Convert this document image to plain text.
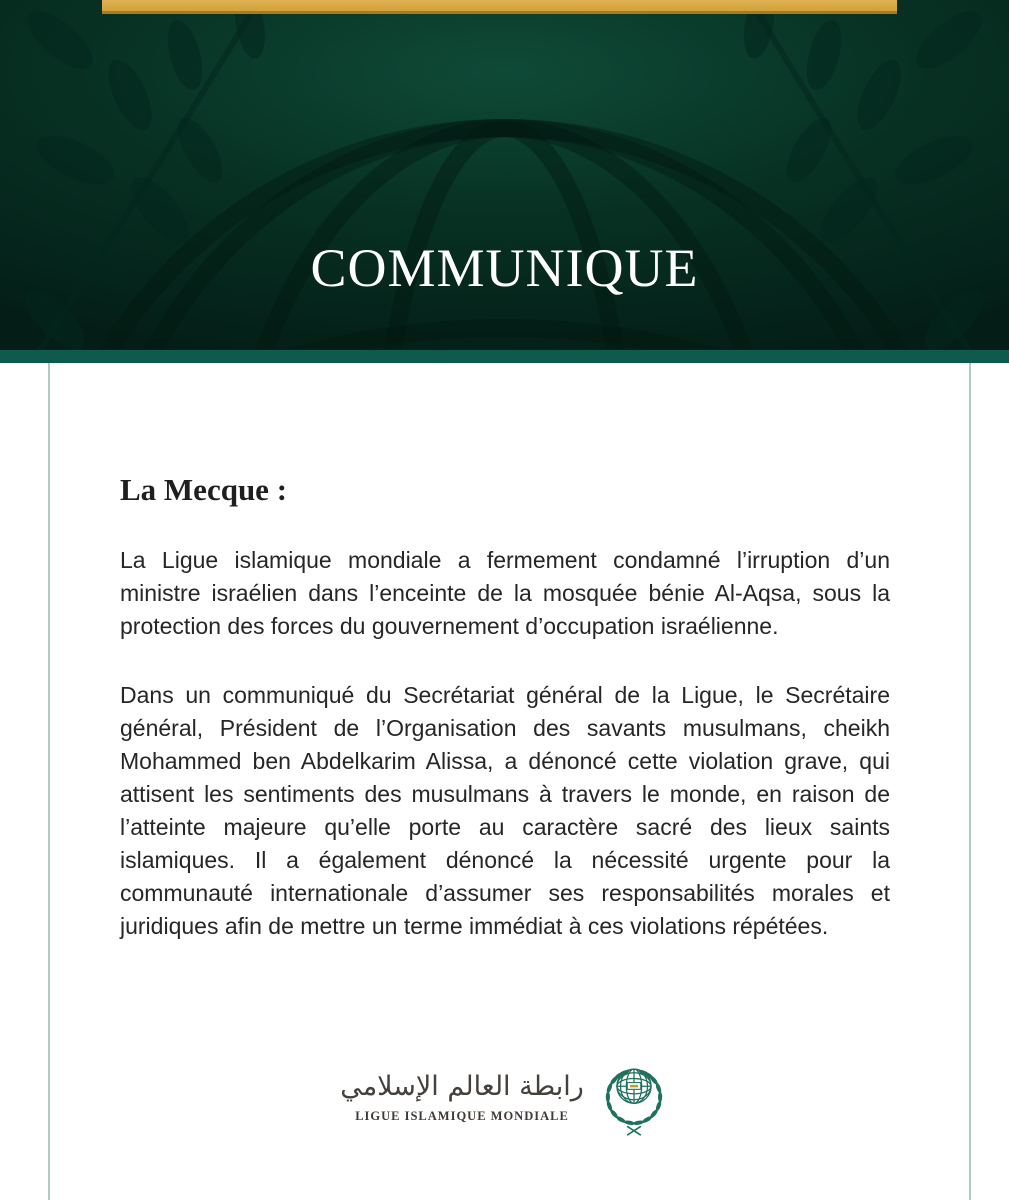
COMMUNIQUE
La Mecque :

La Ligue islamique mondiale a fermement condamné l’irruption d’un ministre israélien dans l’enceinte de la mosquée bénie Al-Aqsa, sous la protection des forces du gouvernement d’occupation israélienne.

Dans un communiqué du Secrétariat général de la Ligue, le Secrétaire général, Président de l’Organisation des savants musulmans, cheikh Mohammed ben Abdelkarim Alissa, a dénoncé cette violation grave, qui attisent les sentiments des musulmans à travers le monde, en raison de l’atteinte majeure qu’elle porte au caractère sacré des lieux saints islamiques. Il a également dénoncé la nécessité urgente pour la communauté internationale d’assumer ses responsabilités morales et juridiques afin de mettre un terme immédiat à ces violations répétées.

رابطة العالم الإسلامي
LIGUE ISLAMIQUE MONDIALE
